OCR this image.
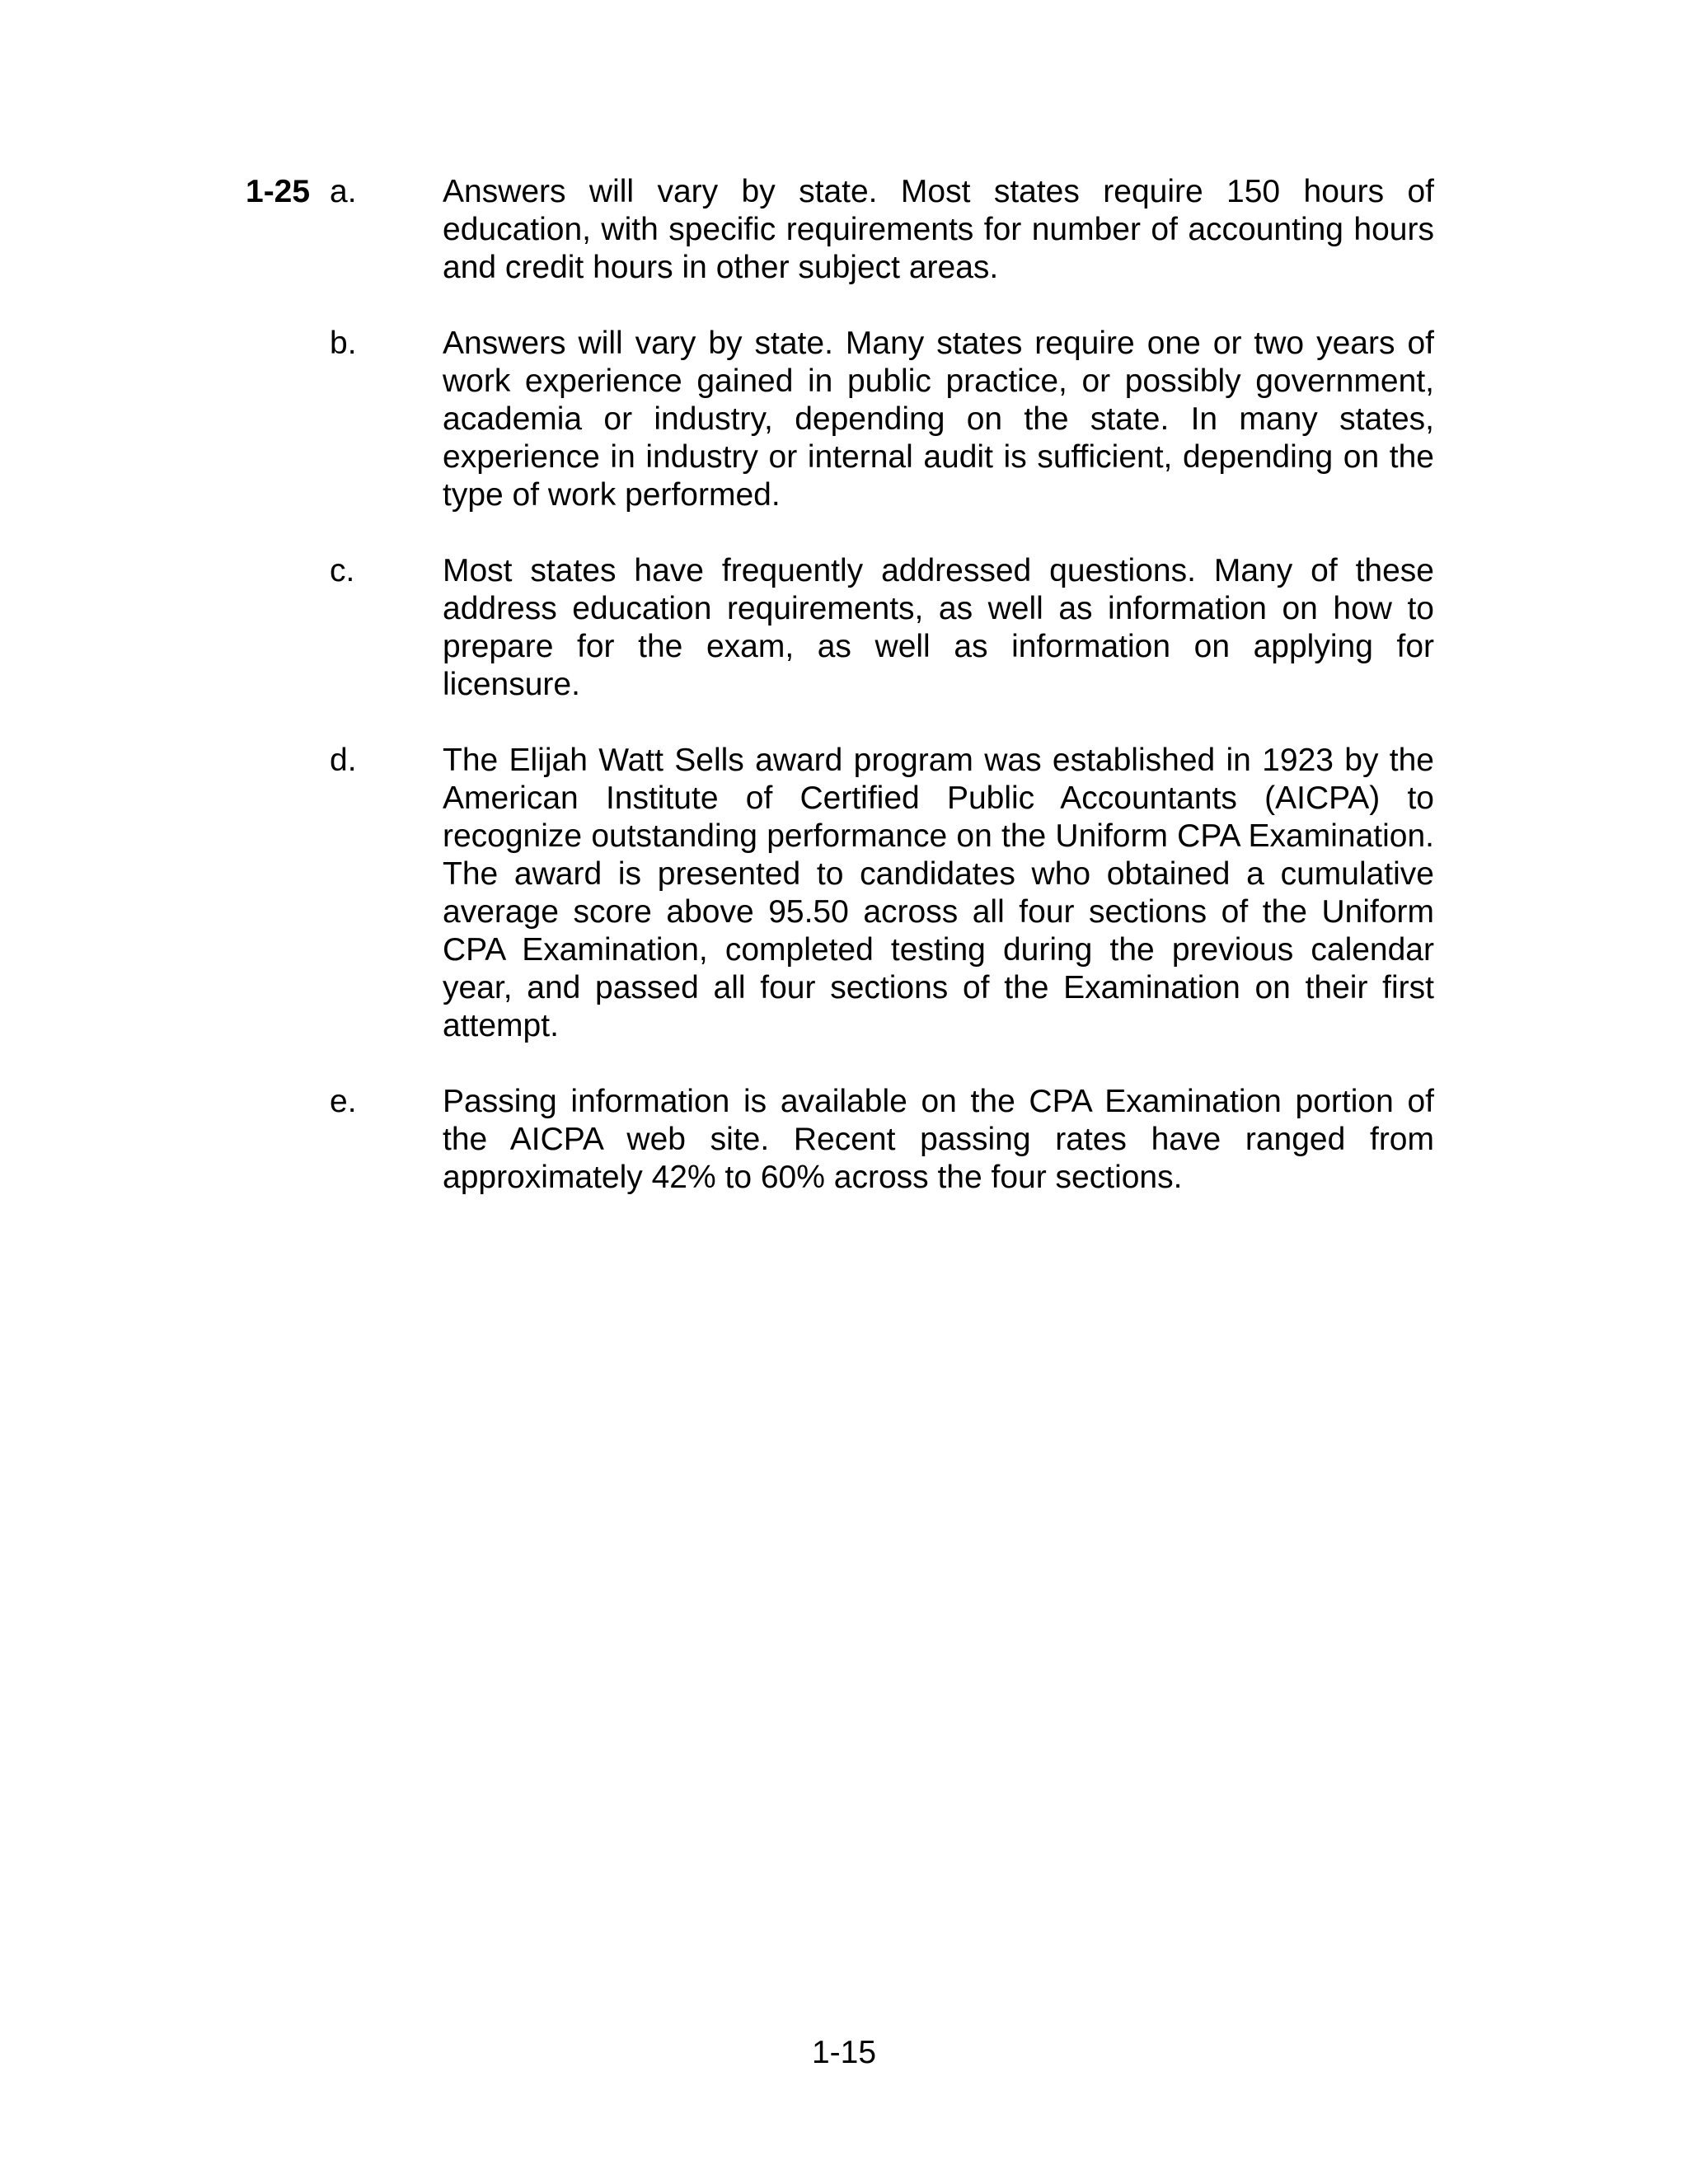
1-25 a.	Answers will vary by state. Most states require 150 hours of education, with specific requirements for number of accounting hours and credit hours in other subject areas.
b.	Answers will vary by state. Many states require one or two years of work experience gained in public practice, or possibly government, academia or industry, depending on the state. In many states, experience in industry or internal audit is sufficient, depending on the type of work performed.
c.	Most states have frequently addressed questions. Many of these address education requirements, as well as information on how to prepare for the exam, as well as information on applying for licensure.
d.	The Elijah Watt Sells award program was established in 1923 by the American Institute of Certified Public Accountants (AICPA) to recognize outstanding performance on the Uniform CPA Examination. The award is presented to candidates who obtained a cumulative average score above 95.50 across all four sections of the Uniform CPA Examination, completed testing during the previous calendar year, and passed all four sections of the Examination on their first attempt.
e.	Passing information is available on the CPA Examination portion of the AICPA web site. Recent passing rates have ranged from approximately 42% to 60% across the four sections.
1-15
